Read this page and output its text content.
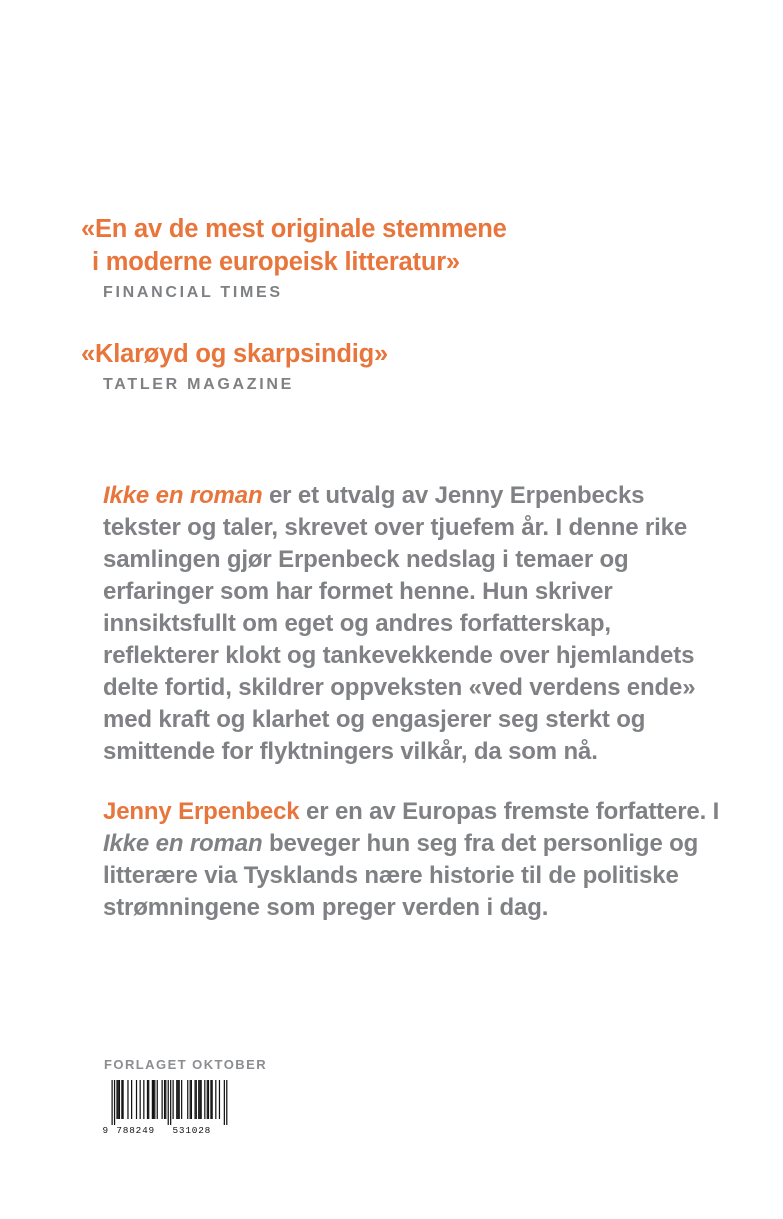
«En av de mest originale stemmene
i moderne europeisk litteratur»

FINANCIAL TIMES

«Klarøyd og skarpsindig»

TATLER MAGAZINE

Ikke en roman er et utvalg av Jenny Erpenbecks tekster og taler, skrevet over tjuefem år. I denne rike samlingen gjør Erpenbeck nedslag i temaer og erfaringer som har formet henne. Hun skriver innsiktsfullt om eget og andres forfatterskap, reflekterer klokt og tankevekkende over hjemlandets delte fortid, skildrer oppveksten «ved verdens ende» med kraft og klarhet og engasjerer seg sterkt og smittende for flyktningers vilkår, da som nå.

Jenny Erpenbeck er en av Europas fremste forfattere. I Ikke en roman beveger hun seg fra det personlige og litterære via Tysklands nære historie til de politiske strømningene som preger verden i dag.

FORLAGET OKTOBER

9 788249 531028
